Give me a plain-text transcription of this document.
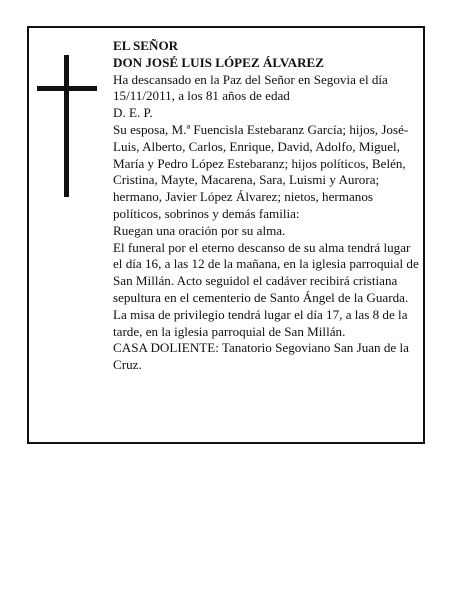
EL SEÑOR

DON JOSÉ LUIS LÓPEZ ÁLVAREZ

Ha descansado en la Paz del Señor en Segovia el día

15/11/2011, a los 81 años de edad

D. E. P.

Su esposa, M.ª Fuencisla Estebaranz García; hijos, José-Luis, Alberto, Carlos, Enrique, David, Adolfo, Miguel, María y Pedro López Estebaranz; hijos políticos, Belén, Cristina, Mayte, Macarena, Sara, Luismi y Aurora; hermano, Javier López Álvarez; nietos, hermanos políticos, sobrinos y demás familia:

Ruegan una oración por su alma.

El funeral por el eterno descanso de su alma tendrá lugar el día 16, a las 12 de la mañana, en la iglesia parroquial de San Millán. Acto seguidol el cadáver recibirá cristiana sepultura en el cementerio de Santo Ángel de la Guarda. La misa de privilegio tendrá lugar el día 17, a las 8 de la tarde, en la iglesia parroquial de San Millán.

CASA DOLIENTE: Tanatorio Segoviano San Juan de la Cruz.
